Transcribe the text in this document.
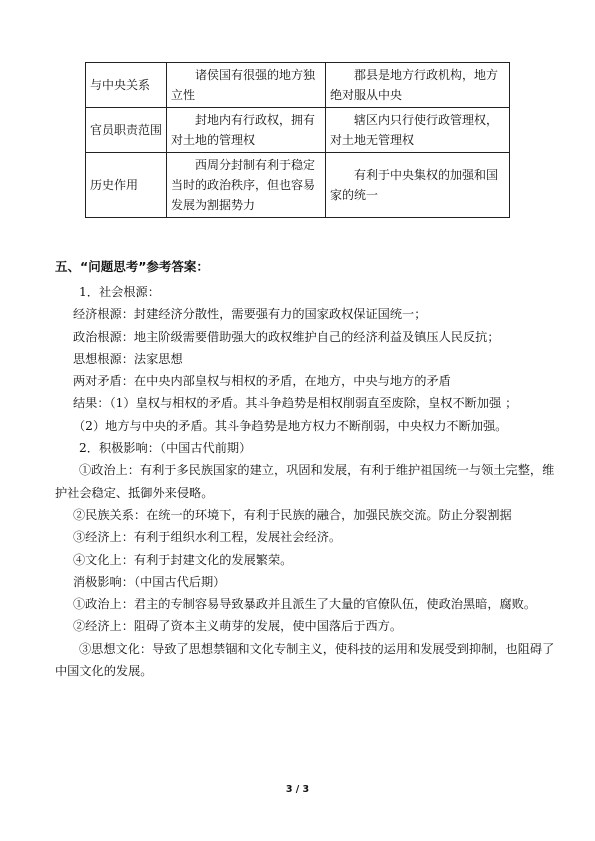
与中央关系	诸侯国有很强的地方独立性	郡县是地方行政机构，地方绝对服从中央
官员职责范围	封地内有行政权，拥有对土地的管理权	辖区内只行使行政管理权，对土地无管理权
历史作用	西周分封制有利于稳定当时的政治秩序，但也容易发展为割据势力	有利于中央集权的加强和国家的统一
五、“问题思考”参考答案：

1．社会根源：

经济根源：封建经济分散性，需要强有力的国家政权保证国统一；

政治根源：地主阶级需要借助强大的政权维护自己的经济利益及镇压人民反抗；

思想根源：法家思想

两对矛盾：在中央内部皇权与相权的矛盾，在地方，中央与地方的矛盾

结果：（1）皇权与相权的矛盾。其斗争趋势是相权削弱直至废除，皇权不断加强 ；

（2）地方与中央的矛盾。其斗争趋势是地方权力不断削弱，中央权力不断加强。

2．积极影响：（中国古代前期）

①政治上：有利于多民族国家的建立，巩固和发展，有利于维护祖国统一与领土完整，维护社会稳定、抵御外来侵略。

②民族关系：在统一的环境下，有利于民族的融合，加强民族交流。防止分裂割据

③经济上：有利于组织水利工程，发展社会经济。

④文化上：有利于封建文化的发展繁荣。

消极影响：（中国古代后期）

①政治上：君主的专制容易导致暴政并且派生了大量的官僚队伍，使政治黑暗，腐败。

②经济上：阻碍了资本主义萌芽的发展，使中国落后于西方。

③思想文化：导致了思想禁锢和文化专制主义，使科技的运用和发展受到抑制，也阻碍了中国文化的发展。

3 / 3
